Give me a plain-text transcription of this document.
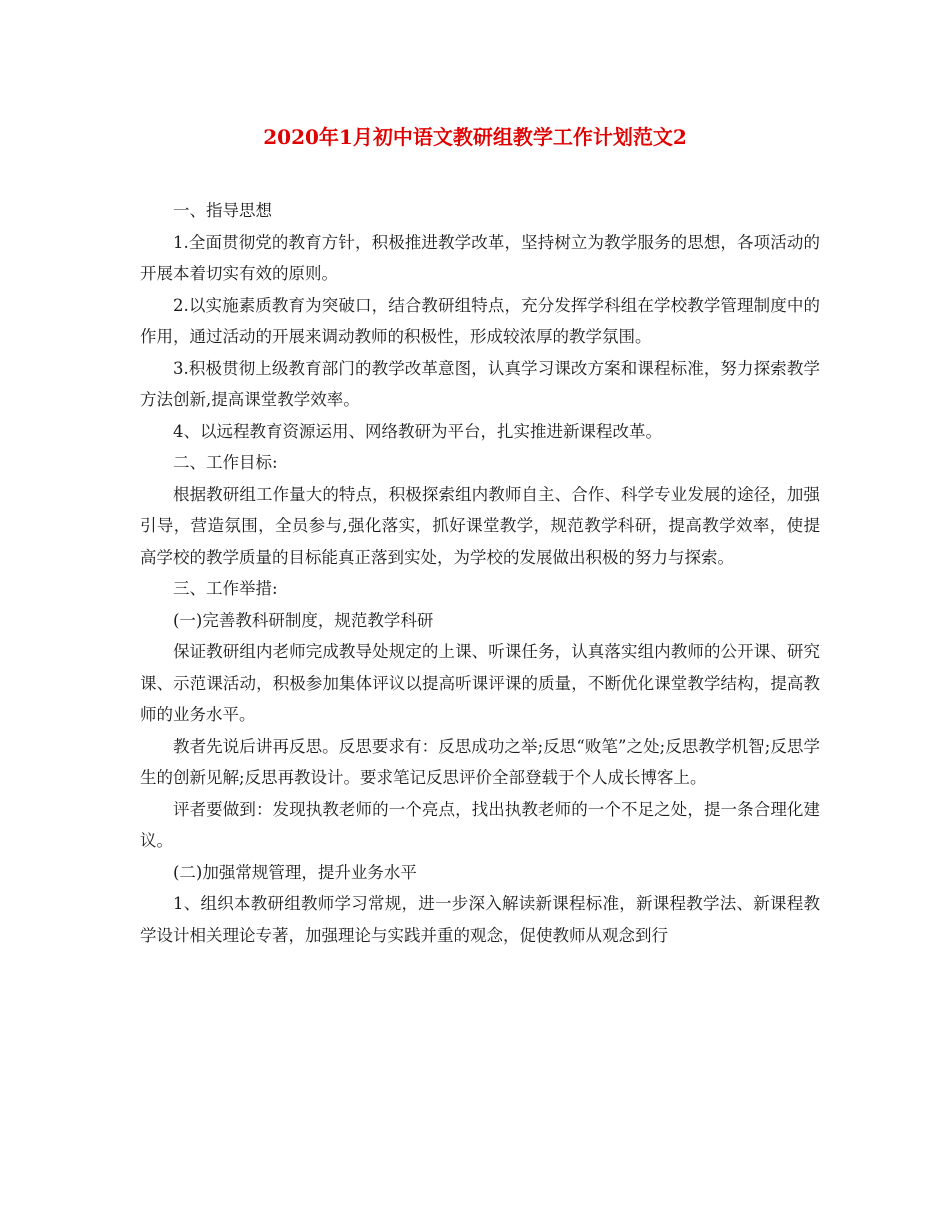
2020年1月初中语文教研组教学工作计划范文2

一、指导思想

1.全面贯彻党的教育方针，积极推进教学改革，坚持树立为教学服务的思想，各项活动的开展本着切实有效的原则。

2.以实施素质教育为突破口，结合教研组特点，充分发挥学科组在学校教学管理制度中的作用，通过活动的开展来调动教师的积极性，形成较浓厚的教学氛围。

3.积极贯彻上级教育部门的教学改革意图，认真学习课改方案和课程标准，努力探索教学方法创新,提高课堂教学效率。

4、以远程教育资源运用、网络教研为平台，扎实推进新课程改革。

二、工作目标:

根据教研组工作量大的特点，积极探索组内教师自主、合作、科学专业发展的途径，加强引导，营造氛围，全员参与,强化落实，抓好课堂教学，规范教学科研，提高教学效率，使提高学校的教学质量的目标能真正落到实处，为学校的发展做出积极的努力与探索。

三、工作举措:

(一)完善教科研制度，规范教学科研

保证教研组内老师完成教导处规定的上课、听课任务，认真落实组内教师的公开课、研究课、示范课活动，积极参加集体评议以提高听课评课的质量，不断优化课堂教学结构，提高教师的业务水平。

教者先说后讲再反思。反思要求有：反思成功之举;反思“败笔”之处;反思教学机智;反思学生的创新见解;反思再教设计。要求笔记反思评价全部登载于个人成长博客上。

评者要做到：发现执教老师的一个亮点，找出执教老师的一个不足之处，提一条合理化建议。

(二)加强常规管理，提升业务水平

1、组织本教研组教师学习常规，进一步深入解读新课程标准，新课程教学法、新课程教学设计相关理论专著，加强理论与实践并重的观念，促使教师从观念到行
